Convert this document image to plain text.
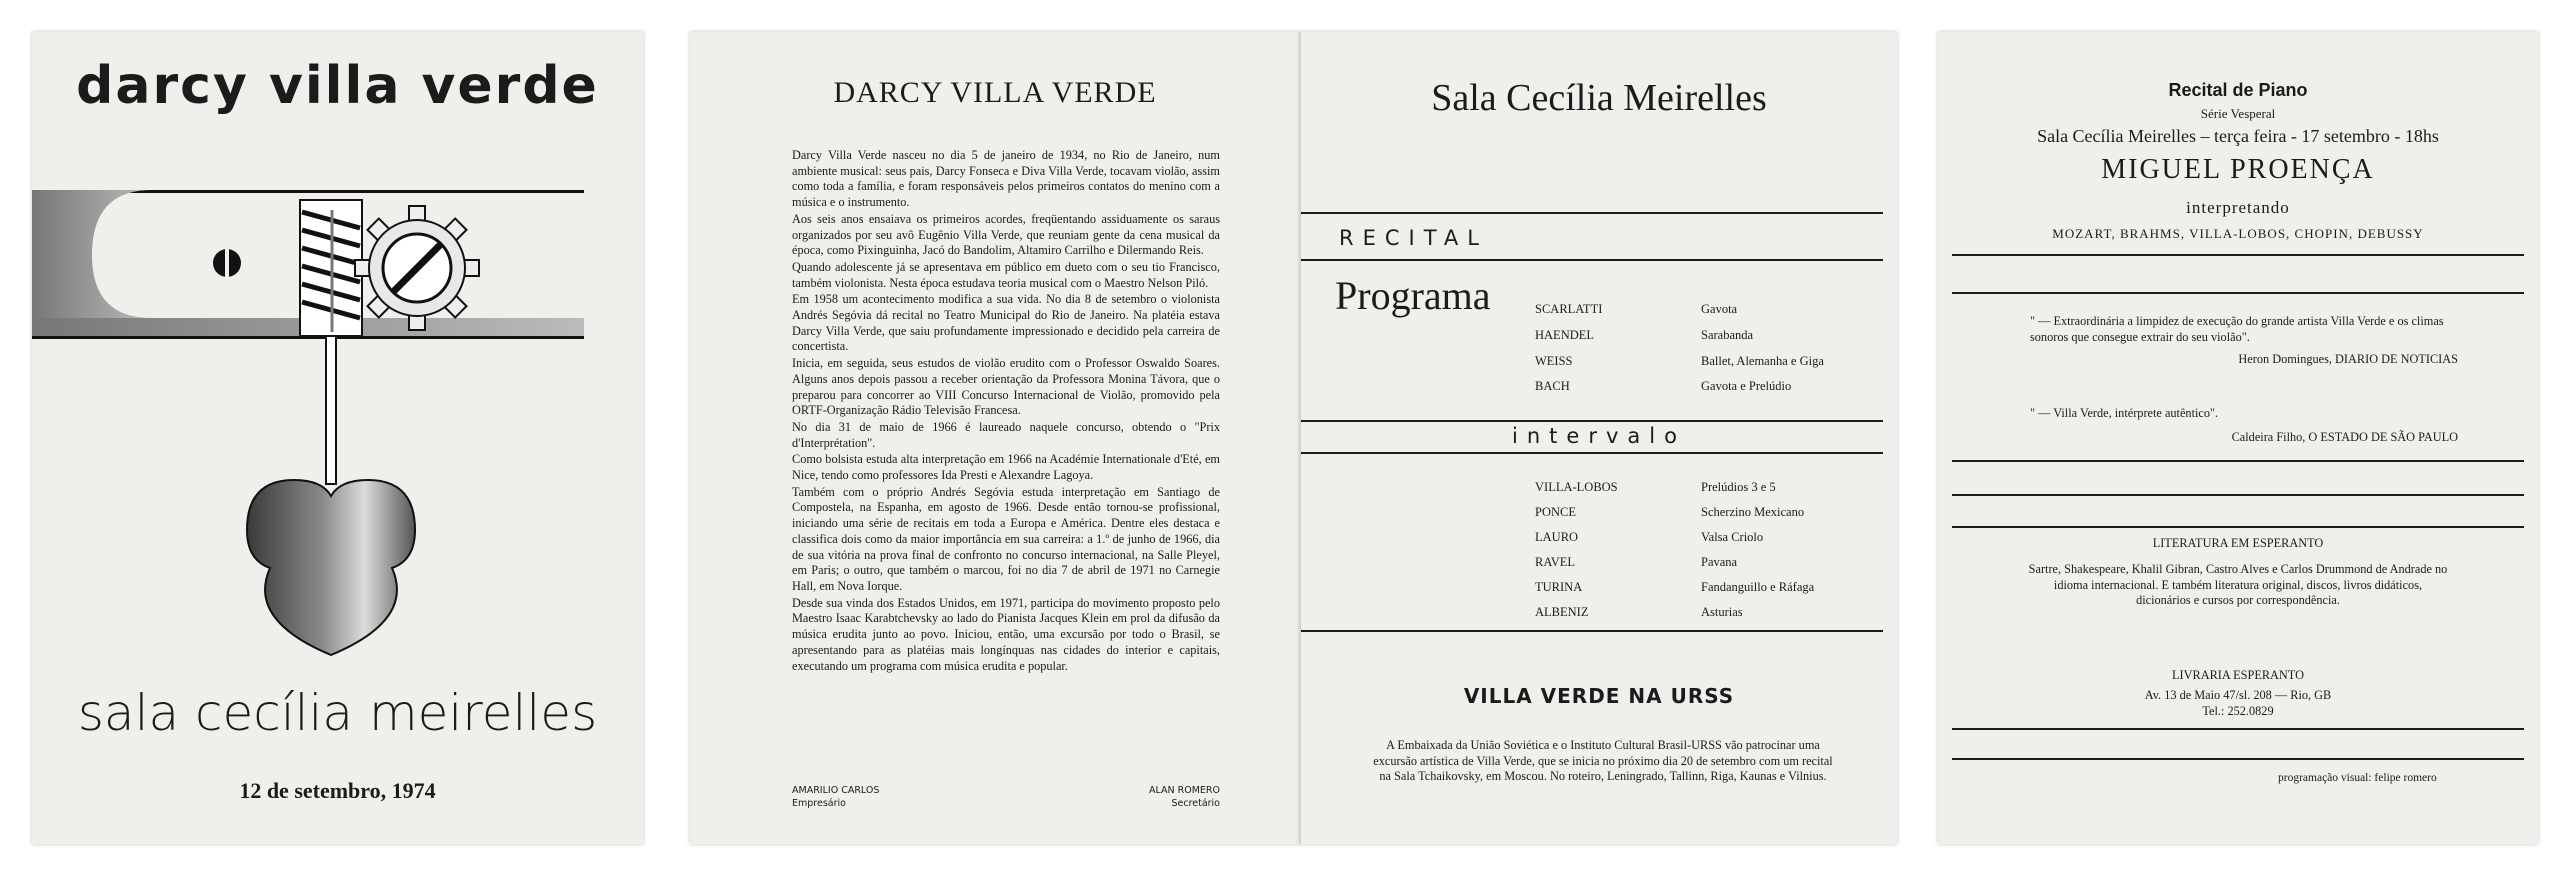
darcy villa verde
sala cecília meirelles
12 de setembro, 1974
DARCY VILLA VERDE

Darcy Villa Verde nasceu no dia 5 de janeiro de 1934, no Rio de Janeiro, num ambiente musical: seus pais, Darcy Fonseca e Diva Villa Verde, tocavam violão, assim como toda a família, e foram responsáveis pelos primeiros contatos do menino com a música e o instrumento.

Aos seis anos ensaiava os primeiros acordes, freqüentando assiduamente os saraus organizados por seu avô Eugênio Villa Verde, que reuniam gente da cena musical da época, como Pixinguinha, Jacó do Bandolim, Altamiro Carrilho e Dilermando Reis.

Quando adolescente já se apresentava em público em dueto com o seu tio Francisco, também violonista. Nesta época estudava teoria musical com o Maestro Nelson Piló.

Em 1958 um acontecimento modifica a sua vida. No dia 8 de setembro o violonista Andrés Segóvia dá recital no Teatro Municipal do Rio de Janeiro. Na platéia estava Darcy Villa Verde, que saiu profundamente impressionado e decidido pela carreira de concertista.

Inicia, em seguida, seus estudos de violão erudito com o Professor Oswaldo Soares. Alguns anos depois passou a receber orientação da Professora Monina Távora, que o preparou para concorrer ao VIII Concurso Internacional de Violão, promovido pela ORTF-Organização Rádio Televisão Francesa.

No dia 31 de maio de 1966 é laureado naquele concurso, obtendo o "Prix d'Interprétation".

Como bolsista estuda alta interpretação em 1966 na Académie Internationale d'Eté, em Nice, tendo como professores Ida Presti e Alexandre Lagoya.

Também com o próprio Andrés Segóvia estuda interpretação em Santiago de Compostela, na Espanha, em agosto de 1966. Desde então tornou-se profissional, iniciando uma série de recitais em toda a Europa e América. Dentre eles destaca e classifica dois como da maior importância em sua carreira: a 1.º de junho de 1966, dia de sua vitória na prova final de confronto no concurso internacional, na Salle Pleyel, em Paris; o outro, que também o marcou, foi no dia 7 de abril de 1971 no Carnegie Hall, em Nova Iorque.

Desde sua vinda dos Estados Unidos, em 1971, participa do movimento proposto pelo Maestro Isaac Karabtchevsky ao lado do Pianista Jacques Klein em prol da difusão da música erudita junto ao povo. Iniciou, então, uma excursão por todo o Brasil, se apresentando para as platéias mais longínquas nas cidades do interior e capitais, executando um programa com música erudita e popular.

AMARILIO CARLOS
Empresário
ALAN ROMERO
Secretário
Sala Cecília Meirelles
RECITAL
Programa	SCARLATTI	Gavota
HAENDEL	Sarabanda
WEISS	Ballet, Alemanha e Giga
BACH	Gavota e Prelúdio
intervalo
VILLA-LOBOS	Prelúdios 3 e 5
PONCE	Scherzino Mexicano
LAURO	Valsa Criolo
RAVEL	Pavana
TURINA	Fandanguillo e Ráfaga
ALBENIZ	Asturias
VILLA VERDE NA URSS
A Embaixada da União Soviética e o Instituto Cultural Brasil-URSS vão patrocinar uma excursão artística de Villa Verde, que se inicia no próximo dia 20 de setembro com um recital na Sala Tchaikovsky, em Moscou. No roteiro, Leningrado, Tallinn, Riga, Kaunas e Vilnius.
Recital de Piano
Série Vesperal
Sala Cecília Meirelles – terça feira - 17 setembro - 18hs
MIGUEL PROENÇA
interpretando
MOZART, BRAHMS, VILLA-LOBOS, CHOPIN, DEBUSSY
" — Extraordinária a limpidez de execução do grande artista Villa Verde e os climas sonoros que consegue extrair do seu violão".
Heron Domingues, DIARIO DE NOTICIAS
" — Villa Verde, intérprete autêntico".
Caldeira Filho, O ESTADO DE SÃO PAULO
LITERATURA EM ESPERANTO
Sartre, Shakespeare, Khalil Gibran, Castro Alves e Carlos Drummond de Andrade no idioma internacional. E também literatura original, discos, livros didáticos, dicionários e cursos por correspondência.
LIVRARIA ESPERANTO
Av. 13 de Maio 47/sl. 208 — Rio, GB
Tel.: 252.0829
programação visual: felipe romero
